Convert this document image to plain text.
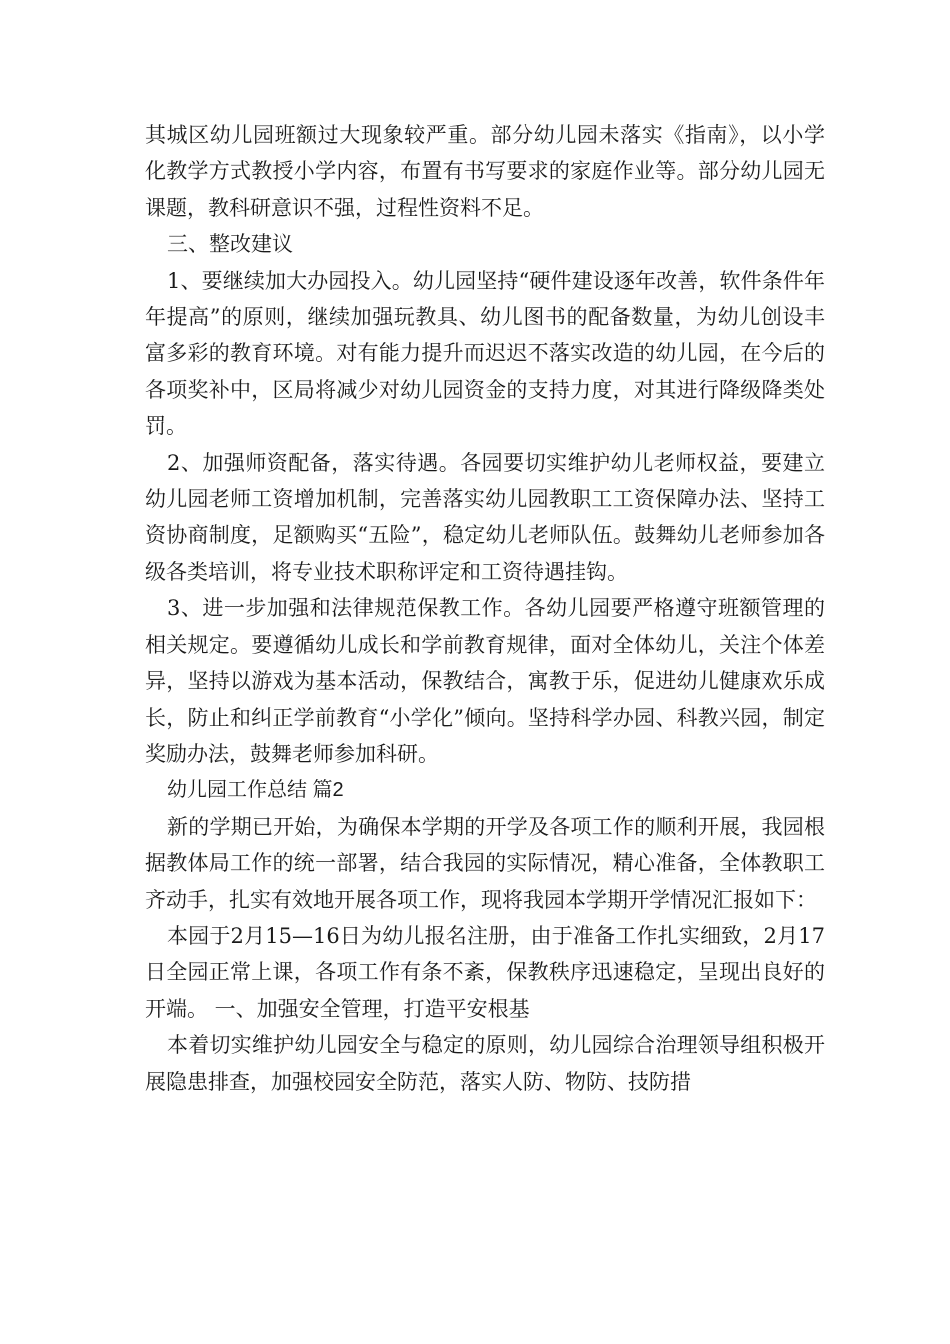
其城区幼儿园班额过大现象较严重。部分幼儿园未落实《指南》，以小学化教学方式教授小学内容，布置有书写要求的家庭作业等。部分幼儿园无课题，教科研意识不强，过程性资料不足。

三、整改建议

1、要继续加大办园投入。幼儿园坚持“硬件建设逐年改善，软件条件年年提高”的原则，继续加强玩教具、幼儿图书的配备数量，为幼儿创设丰富多彩的教育环境。对有能力提升而迟迟不落实改造的幼儿园，在今后的各项奖补中，区局将减少对幼儿园资金的支持力度，对其进行降级降类处罚。

2、加强师资配备，落实待遇。各园要切实维护幼儿老师权益，要建立幼儿园老师工资增加机制，完善落实幼儿园教职工工资保障办法、坚持工资协商制度，足额购买“五险”，稳定幼儿老师队伍。鼓舞幼儿老师参加各级各类培训，将专业技术职称评定和工资待遇挂钩。

3、进一步加强和法律规范保教工作。各幼儿园要严格遵守班额管理的相关规定。要遵循幼儿成长和学前教育规律，面对全体幼儿，关注个体差异，坚持以游戏为基本活动，保教结合，寓教于乐，促进幼儿健康欢乐成长，防止和纠正学前教育“小学化”倾向。坚持科学办园、科教兴园，制定奖励办法，鼓舞老师参加科研。

幼儿园工作总结 篇2

新的学期已开始，为确保本学期的开学及各项工作的顺利开展，我园根据教体局工作的统一部署，结合我园的实际情况，精心准备，全体教职工齐动手，扎实有效地开展各项工作，现将我园本学期开学情况汇报如下：

本园于2月15—16日为幼儿报名注册，由于准备工作扎实细致，2月17日全园正常上课，各项工作有条不紊，保教秩序迅速稳定，呈现出良好的开端。 一、加强安全管理，打造平安根基

本着切实维护幼儿园安全与稳定的原则，幼儿园综合治理领导组积极开展隐患排查，加强校园安全防范，落实人防、物防、技防措
